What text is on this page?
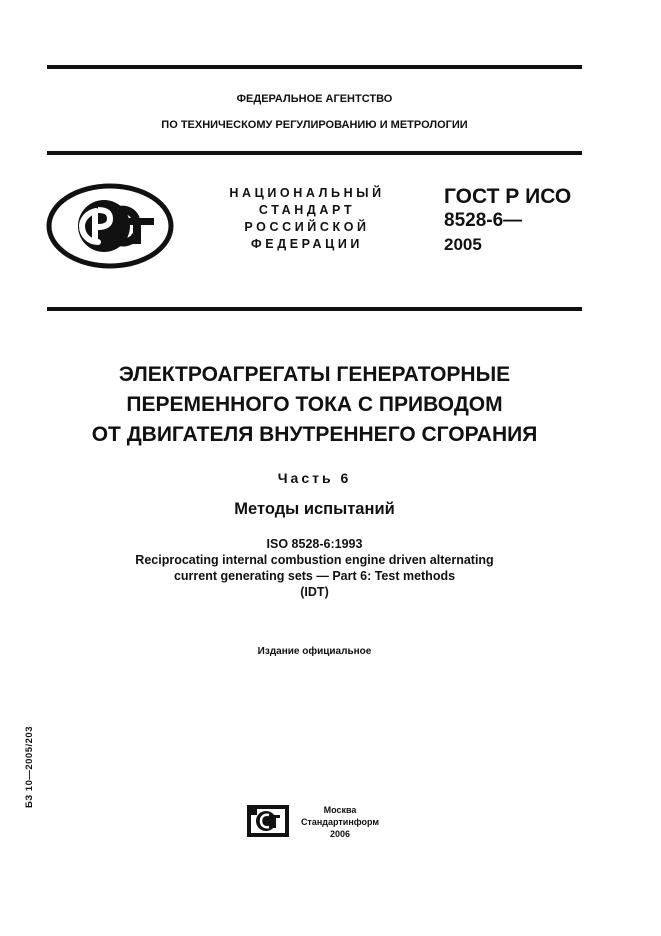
ФЕДЕРАЛЬНОЕ АГЕНТСТВО
ПО ТЕХНИЧЕСКОМУ РЕГУЛИРОВАНИЮ И МЕТРОЛОГИИ
НАЦИОНАЛЬНЫЙ
СТАНДАРТ
РОССИЙСКОЙ
ФЕДЕРАЦИИ
ГОСТ Р ИСО
8528-6—
2005
ЭЛЕКТРОАГРЕГАТЫ ГЕНЕРАТОРНЫЕ
ПЕРЕМЕННОГО ТОКА С ПРИВОДОМ
ОТ ДВИГАТЕЛЯ ВНУТРЕННЕГО СГОРАНИЯ
Часть 6
Методы испытаний
ISO 8528-6:1993
Reciprocating internal combustion engine driven alternating
current generating sets — Part 6: Test methods
(IDT)
Издание официальное
БЗ 10—2005/203
Москва
Стандартинформ
2006
